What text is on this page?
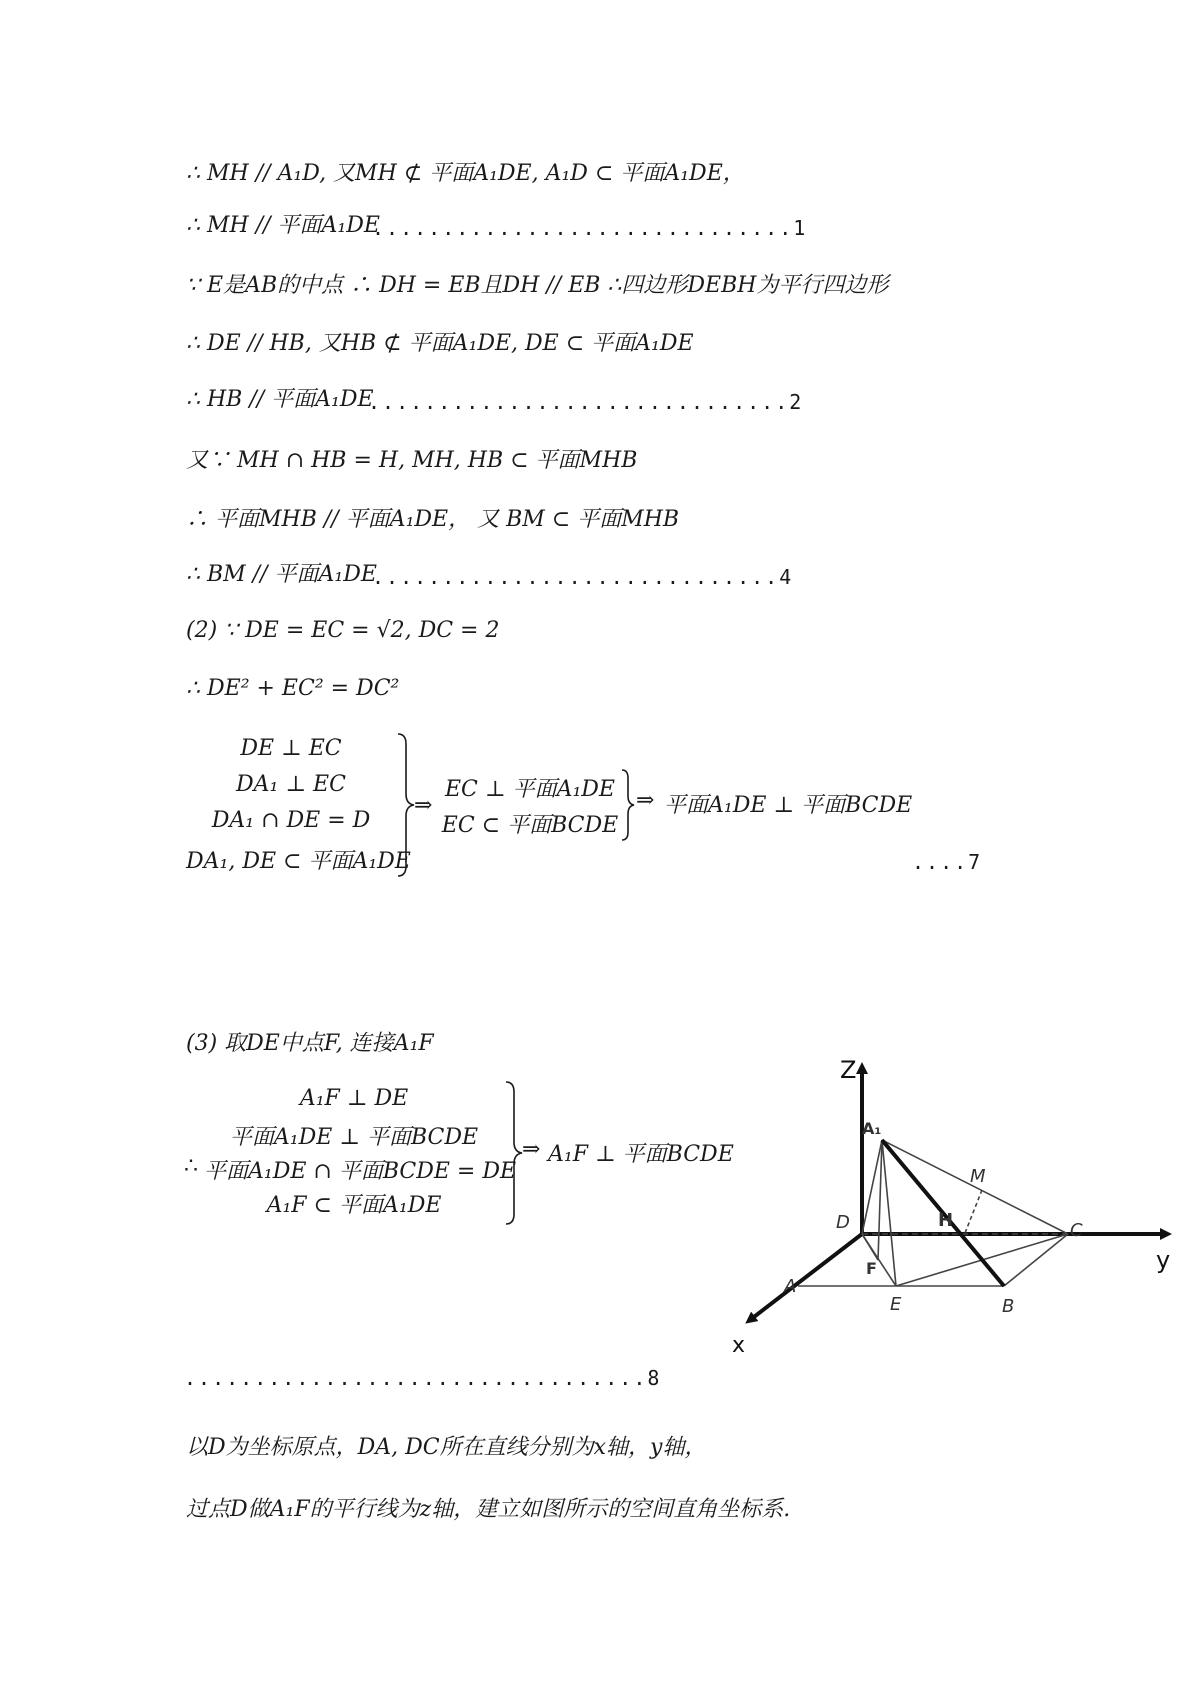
∴ MH // A₁D, 又MH ⊄ 平面A₁DE, A₁D ⊂ 平面A₁DE，
∴ MH // 平面A₁DE
..............................1
∵ E是AB的中点 ∴ DH = EB且DH // EB ∴四边形DEBH为平行四边形
∴ DE // HB, 又HB ⊄ 平面A₁DE, DE ⊂ 平面A₁DE
∴ HB // 平面A₁DE
..............................2
又∵ MH ∩ HB = H, MH, HB ⊂ 平面MHB
∴ 平面MHB // 平面A₁DE， 又 BM ⊂ 平面MHB
∴ BM // 平面A₁DE
.............................4
(2) ∵ DE = EC = √2, DC = 2
∴ DE² + EC² = DC²
DE ⊥ EC
DA₁ ⊥ EC
DA₁ ∩ DE = D
DA₁, DE ⊂ 平面A₁DE
⇒
EC ⊥ 平面A₁DE
EC ⊂ 平面BCDE
⇒ 平面A₁DE ⊥ 平面BCDE
....7
(3) 取DE中点F, 连接A₁F
∴
A₁F ⊥ DE
平面A₁DE ⊥ 平面BCDE
平面A₁DE ∩ 平面BCDE = DE
A₁F ⊂ 平面A₁DE
⇒ A₁F ⊥ 平面BCDE
.................................8
以D为坐标原点，DA, DC所在直线分别为x轴，y轴，
过点D做A₁F的平行线为z轴，建立如图所示的空间直角坐标系.
Z
y
x
A₁
M
D	H	C
F
A
E	B
